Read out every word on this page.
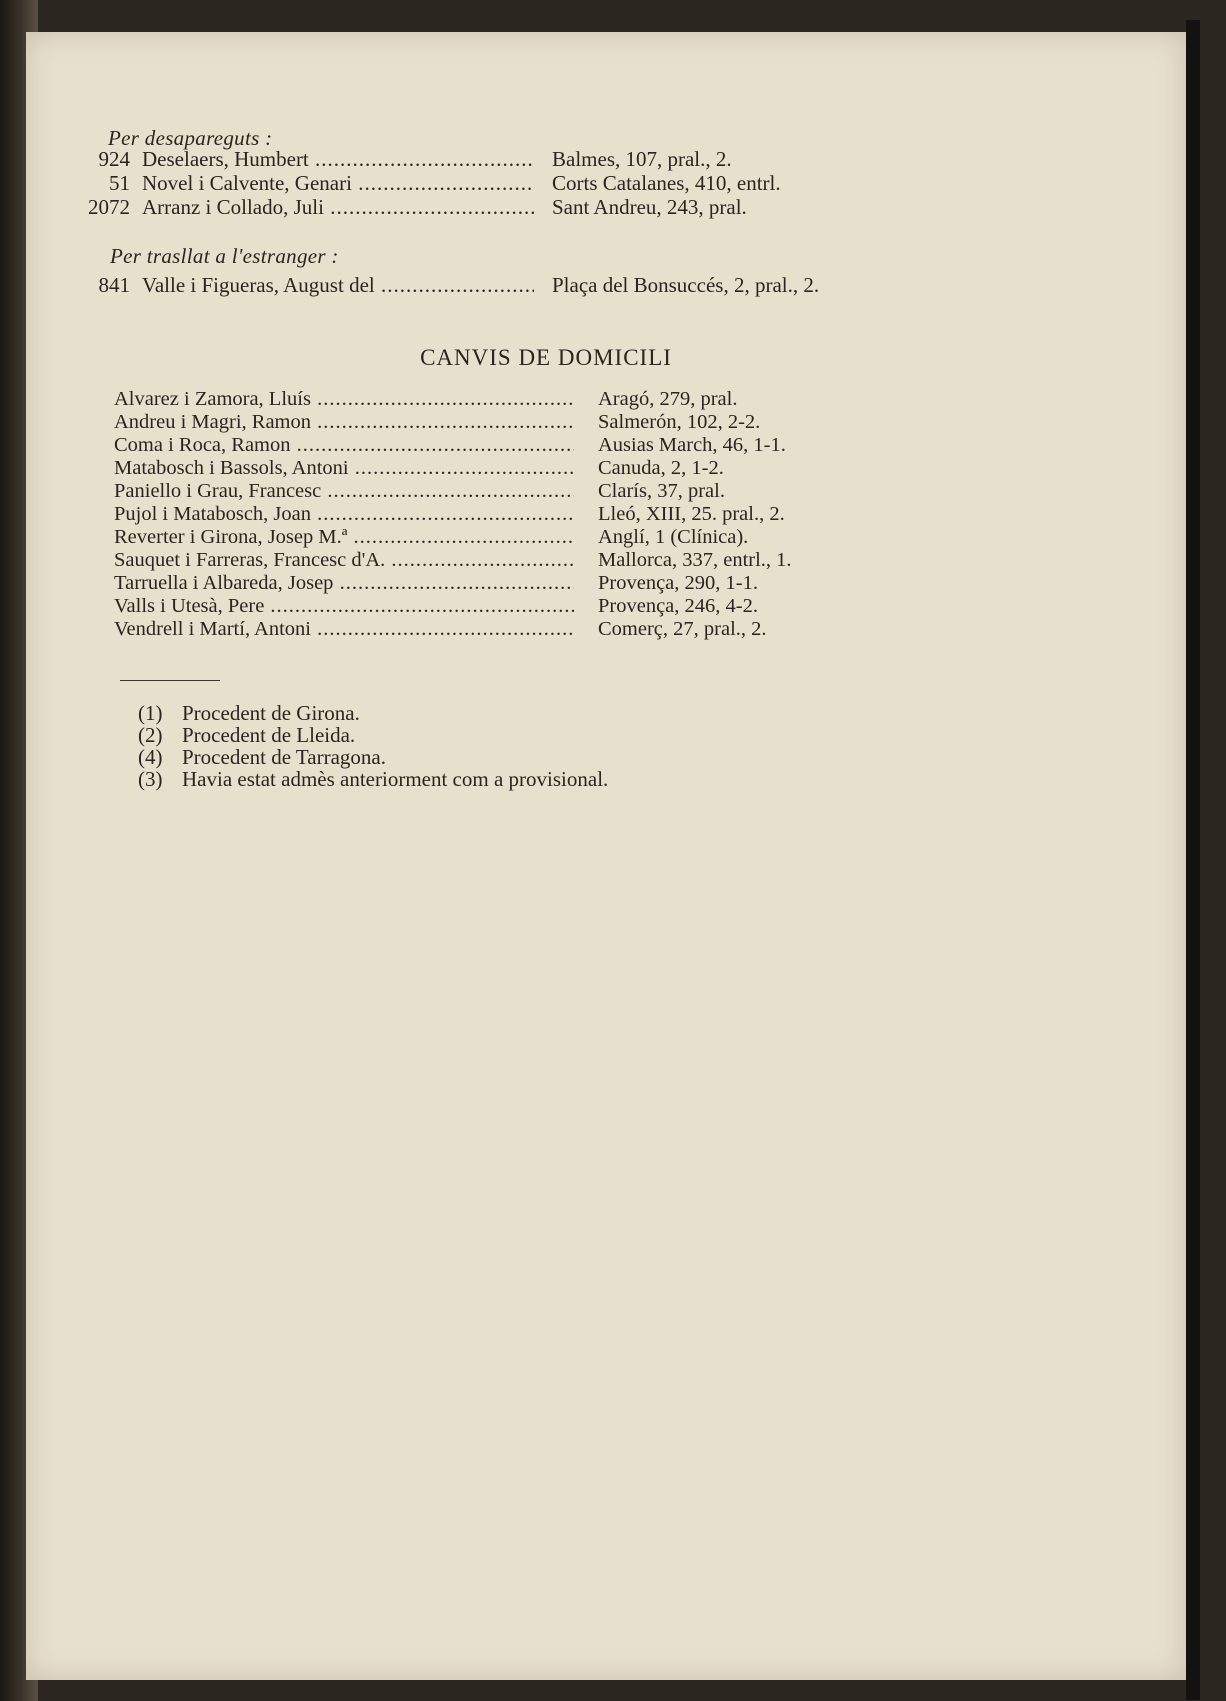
Per desapareguts :
924 Deselaers, Humbert .....	Balmes, 107, pral., 2.
51 Novel i Calvente, Genari .....	Corts Catalanes, 410, entrl.
2072 Arranz i Collado, Juli .....	Sant Andreu, 243, pral.
Per trasllat a l'estranger :
841 Valle i Figueras, August del .....	Plaça del Bonsuccés, 2, pral., 2.
CANVIS DE DOMICILI
Alvarez i Zamora, Lluís .....	Aragó, 279, pral.
Andreu i Magri, Ramon .....	Salmerón, 102, 2-2.
Coma i Roca, Ramon .....	Ausias March, 46, 1-1.
Matabosch i Bassols, Antoni .....	Canuda, 2, 1-2.
Paniello i Grau, Francesc .....	Clarís, 37, pral.
Pujol i Matabosch, Joan .....	Lleó, XIII, 25. pral., 2.
Reverter i Girona, Josep M.ª .....	Anglí, 1 (Clínica).
Sauquet i Farreras, Francesc d'A. .....	Mallorca, 337, entrl., 1.
Tarruella i Albareda, Josep .....	Provença, 290, 1-1.
Valls i Utesà, Pere .....	Provença, 246, 4-2.
Vendrell i Martí, Antoni .....	Comerç, 27, pral., 2.
(1) Procedent de Girona.
(2) Procedent de Lleida.
(4) Procedent de Tarragona.
(3) Havia estat admès anteriorment com a provisional.
